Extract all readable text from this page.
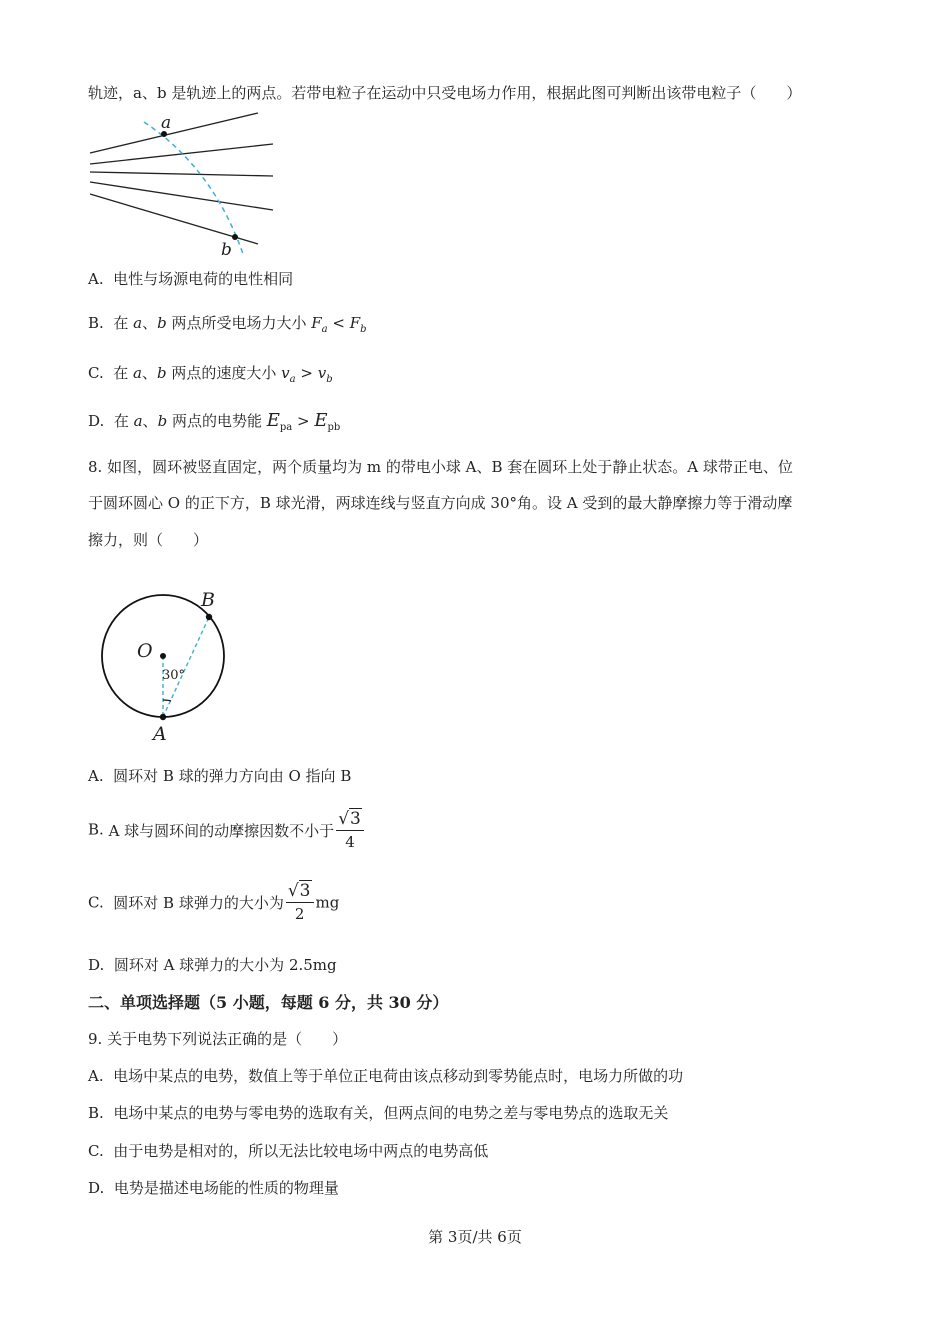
轨迹，a、b 是轨迹上的两点。若带电粒子在运动中只受电场力作用，根据此图可判断出该带电粒子（　　）
a
b
A. 电性与场源电荷的电性相同
B. 在 a、b 两点所受电场力大小 $F_a < F_b$
C. 在 a、b 两点的速度大小 $v_a > v_b$
D. 在 a、b 两点的电势能 $E_{pa} > E_{pb}$
8. 如图，圆环被竖直固定，两个质量均为 m 的带电小球 A、B 套在圆环上处于静止状态。A 球带正电、位
于圆环圆心 O 的正下方，B 球光滑，两球连线与竖直方向成 30°角。设 A 受到的最大静摩擦力等于滑动摩
擦力，则（　　）
B
O
A
30°
A. 圆环对 B 球的弹力方向由 O 指向 B
B. A 球与圆环间的动摩擦因数不小于 $\frac{√3}{4}$
C. 圆环对 B 球弹力的大小为 $\frac{√3}{2}$ mg
D. 圆环对 A 球弹力的大小为 2.5mg
二、单项选择题（5 小题，每题 6 分，共 30 分）
9. 关于电势下列说法正确的是（　　）
A. 电场中某点的电势，数值上等于单位正电荷由该点移动到零势能点时，电场力所做的功
B. 电场中某点的电势与零电势的选取有关，但两点间的电势之差与零电势点的选取无关
C. 由于电势是相对的，所以无法比较电场中两点的电势高低
D. 电势是描述电场能的性质的物理量
第 3页/共 6页
